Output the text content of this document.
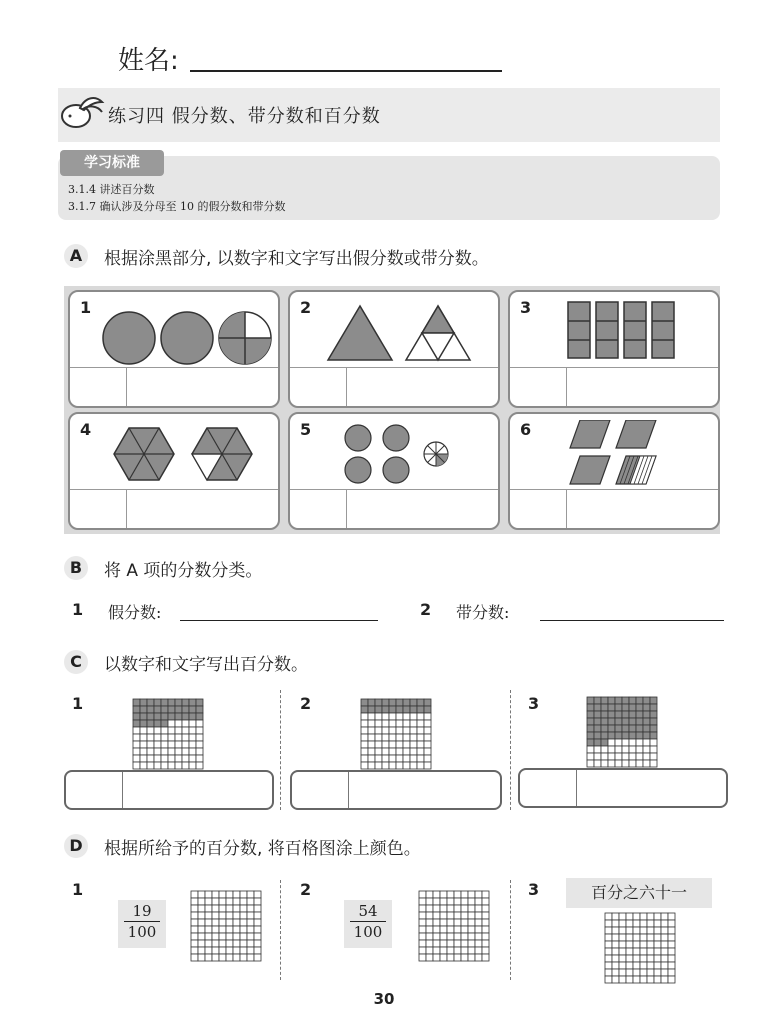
姓名:
练习四 假分数、带分数和百分数
学习标准
3.1.4 讲述百分数
3.1.7 确认涉及分母至 10 的假分数和带分数
A	根据涂黑部分, 以数字和文字写出假分数或带分数。
1	2	3
4	5	6
B	将 A 项的分数分类。
1 假分数:	2 带分数:
C	以数字和文字写出百分数。
1	2	3
D	根据所给予的百分数, 将百格图涂上颜色。
1
19
100
2
54
100
3	百分之六十一
30
